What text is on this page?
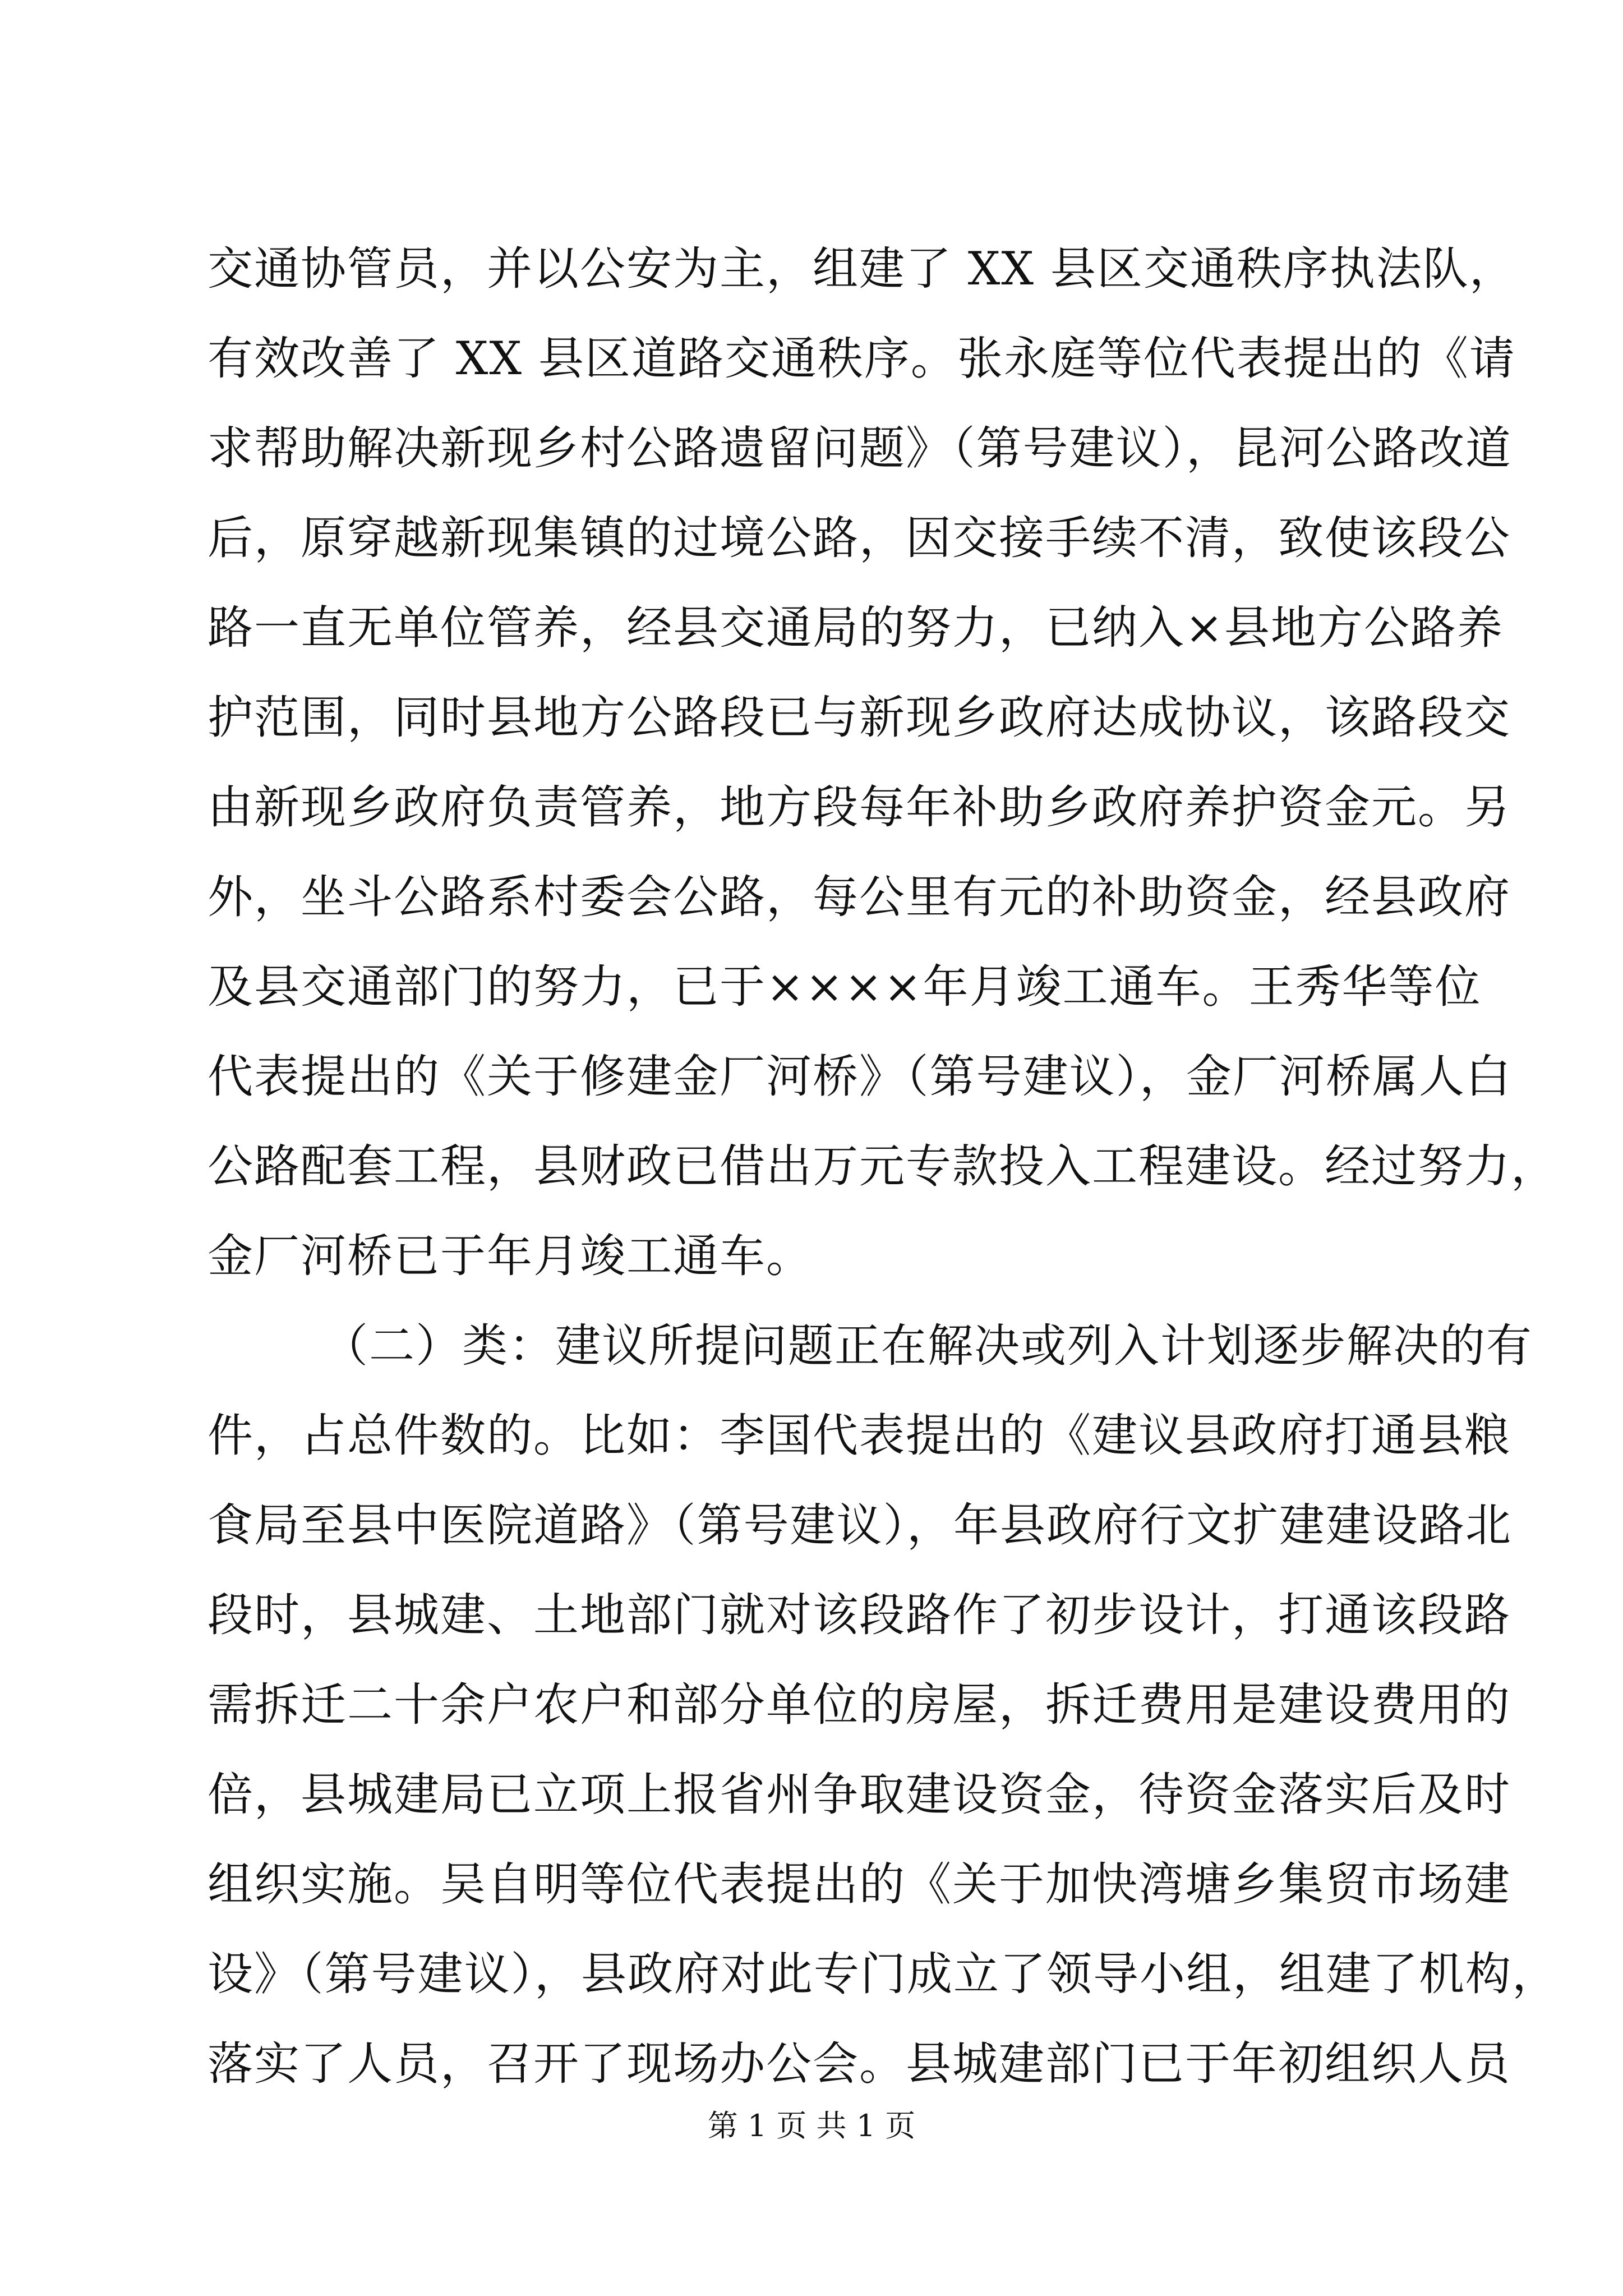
交通协管员，并以公安为主，组建了 XX 县区交通秩序执法队，
有效改善了 XX 县区道路交通秩序。张永庭等位代表提出的《请
求帮助解决新现乡村公路遗留问题》（第号建议），昆河公路改道
后，原穿越新现集镇的过境公路，因交接手续不清，致使该段公
路一直无单位管养，经县交通局的努力，已纳入×县地方公路养
护范围，同时县地方公路段已与新现乡政府达成协议，该路段交
由新现乡政府负责管养，地方段每年补助乡政府养护资金元。另
外，坐斗公路系村委会公路，每公里有元的补助资金，经县政府
及县交通部门的努力，已于××××年月竣工通车。王秀华等位
代表提出的《关于修建金厂河桥》（第号建议），金厂河桥属人白
公路配套工程，县财政已借出万元专款投入工程建设。经过努力，
金厂河桥已于年月竣工通车。
（二）类：建议所提问题正在解决或列入计划逐步解决的有
件，占总件数的。比如：李国代表提出的《建议县政府打通县粮
食局至县中医院道路》（第号建议），年县政府行文扩建建设路北
段时，县城建、土地部门就对该段路作了初步设计，打通该段路
需拆迁二十余户农户和部分单位的房屋，拆迁费用是建设费用的
倍，县城建局已立项上报省州争取建设资金，待资金落实后及时
组织实施。吴自明等位代表提出的《关于加快湾塘乡集贸市场建
设》（第号建议），县政府对此专门成立了领导小组，组建了机构，
落实了人员，召开了现场办公会。县城建部门已于年初组织人员
第 1 页 共 1 页
